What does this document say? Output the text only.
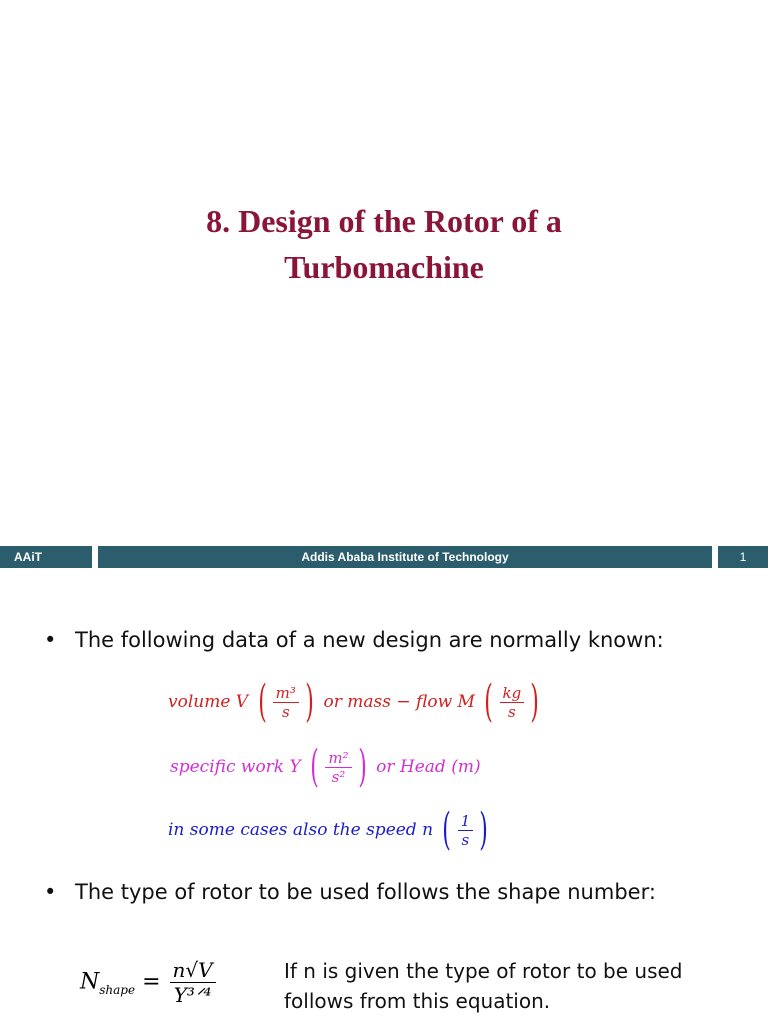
8. Design of the Rotor of a
Turbomachine
AAiT	Addis Ababa Institute of Technology	1
• The following data of a new design are normally known:
volume V ( $\frac{\text{m³}}{s}$ ) or mass − flow M ( $\frac{kg}{s}$ )
specific work Y ( $\frac{\text{m²}}{\text{s²}}$ ) or Head (m)
in some cases also the speed n ( $\frac{1}{s}$ )
• The type of rotor to be used follows the shape number:
$N_{shape} = \frac{n√V}{\text{Y³ᐟ⁴}}$	If n is given the type of rotor to be used
follows from this equation.
